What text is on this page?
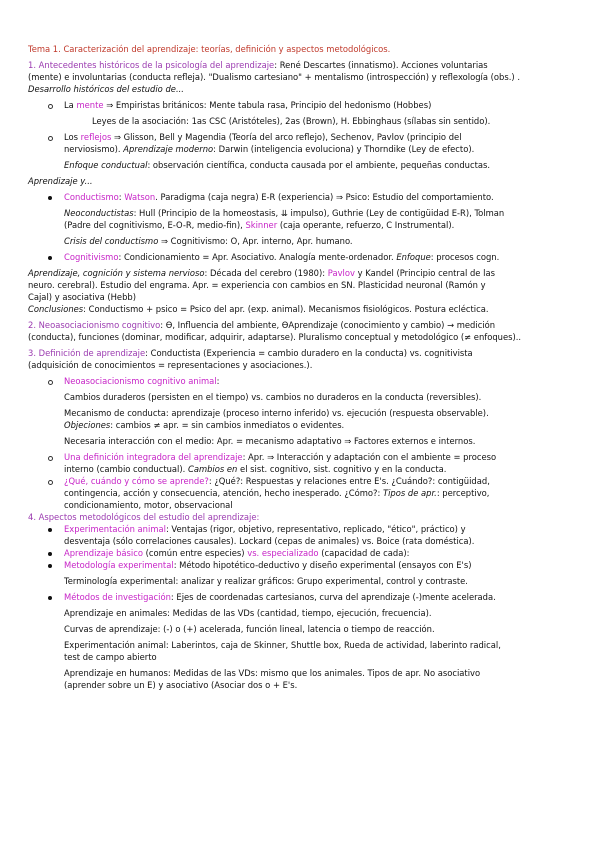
Tema 1. Caracterización del aprendizaje: teorías, definición y aspectos metodológicos.
1. Antecedentes históricos de la psicología del aprendizaje: René Descartes (innatismo). Acciones voluntarias
(mente) e involuntarias (conducta refleja). "Dualismo cartesiano" + mentalismo (introspección) y reflexología (obs.) .
Desarrollo históricos del estudio de...
La mente ⇒ Empiristas británicos: Mente tabula rasa, Principio del hedonismo (Hobbes)
Leyes de la asociación: 1as CSC (Aristóteles), 2as (Brown), H. Ebbinghaus (sílabas sin sentido).
Los reflejos ⇒ Glisson, Bell y Magendia (Teoría del arco reflejo), Sechenov, Pavlov (principio del
nerviosismo). Aprendizaje moderno: Darwin (inteligencia evoluciona) y Thorndike (Ley de efecto).
Enfoque conductual: observación científica, conducta causada por el ambiente, pequeñas conductas.
Aprendizaje y...
Conductismo: Watson. Paradigma (caja negra) E-R (experiencia) ⇒ Psico: Estudio del comportamiento.
Neoconductistas: Hull (Principio de la homeostasis, ⇊ impulso), Guthrie (Ley de contigüidad E-R), Tolman
(Padre del cognitivismo, E-O-R, medio-fin), Skinner (caja operante, refuerzo, C Instrumental).
Crisis del conductismo ⇒ Cognitivismo: O, Apr. interno, Apr. humano.
Cognitivismo: Condicionamiento = Apr. Asociativo. Analogía mente-ordenador. Enfoque: procesos cogn.
Aprendizaje, cognición y sistema nervioso: Década del cerebro (1980): Pavlov y Kandel (Principio central de las
neuro. cerebral). Estudio del engrama. Apr. = experiencia con cambios en SN. Plasticidad neuronal (Ramón y
Cajal) y asociativa (Hebb)
Conclusiones: Conductismo + psico = Psico del apr. (exp. animal). Mecanismos fisiológicos. Postura ecléctica.
2. Neoasociacionismo cognitivo: Ɵ, Influencia del ambiente, ƟAprendizaje (conocimiento y cambio) → medición
(conducta), funciones (dominar, modificar, adquirir, adaptarse). Pluralismo conceptual y metodológico (≠ enfoques)..
3. Definición de aprendizaje: Conductista (Experiencia = cambio duradero en la conducta) vs. cognitivista
(adquisición de conocimientos = representaciones y asociaciones.).
Neoasociacionismo cognitivo animal:
Cambios duraderos (persisten en el tiempo) vs. cambios no duraderos en la conducta (reversibles).
Mecanismo de conducta: aprendizaje (proceso interno inferido) vs. ejecución (respuesta observable).
Objeciones: cambios ≠ apr. = sin cambios inmediatos o evidentes.
Necesaria interacción con el medio: Apr. = mecanismo adaptativo ⇒ Factores externos e internos.
Una definición integradora del aprendizaje: Apr. ⇒ Interacción y adaptación con el ambiente = proceso
interno (cambio conductual). Cambios en el sist. cognitivo, sist. cognitivo y en la conducta.
¿Qué, cuándo y cómo se aprende?: ¿Qué?: Respuestas y relaciones entre E's. ¿Cuándo?: contigüidad,
contingencia, acción y consecuencia, atención, hecho inesperado. ¿Cómo?: Tipos de apr.: perceptivo,
condicionamiento, motor, observacional
4. Aspectos metodológicos del estudio del aprendizaje:
Experimentación animal: Ventajas (rigor, objetivo, representativo, replicado, "ético", práctico) y
desventaja (sólo correlaciones causales). Lockard (cepas de animales) vs. Boice (rata doméstica).
Aprendizaje básico (común entre especies) vs. especializado (capacidad de cada):
Metodología experimental: Método hipotético-deductivo y diseño experimental (ensayos con E's)
Terminología experimental: analizar y realizar gráficos: Grupo experimental, control y contraste.
Métodos de investigación: Ejes de coordenadas cartesianos, curva del aprendizaje (-)mente acelerada.
Aprendizaje en animales: Medidas de las VDs (cantidad, tiempo, ejecución, frecuencia).
Curvas de aprendizaje: (-) o (+) acelerada, función lineal, latencia o tiempo de reacción.
Experimentación animal: Laberintos, caja de Skinner, Shuttle box, Rueda de actividad, laberinto radical,
test de campo abierto
Aprendizaje en humanos: Medidas de las VDs: mismo que los animales. Tipos de apr. No asociativo
(aprender sobre un E) y asociativo (Asociar dos o + E's.
